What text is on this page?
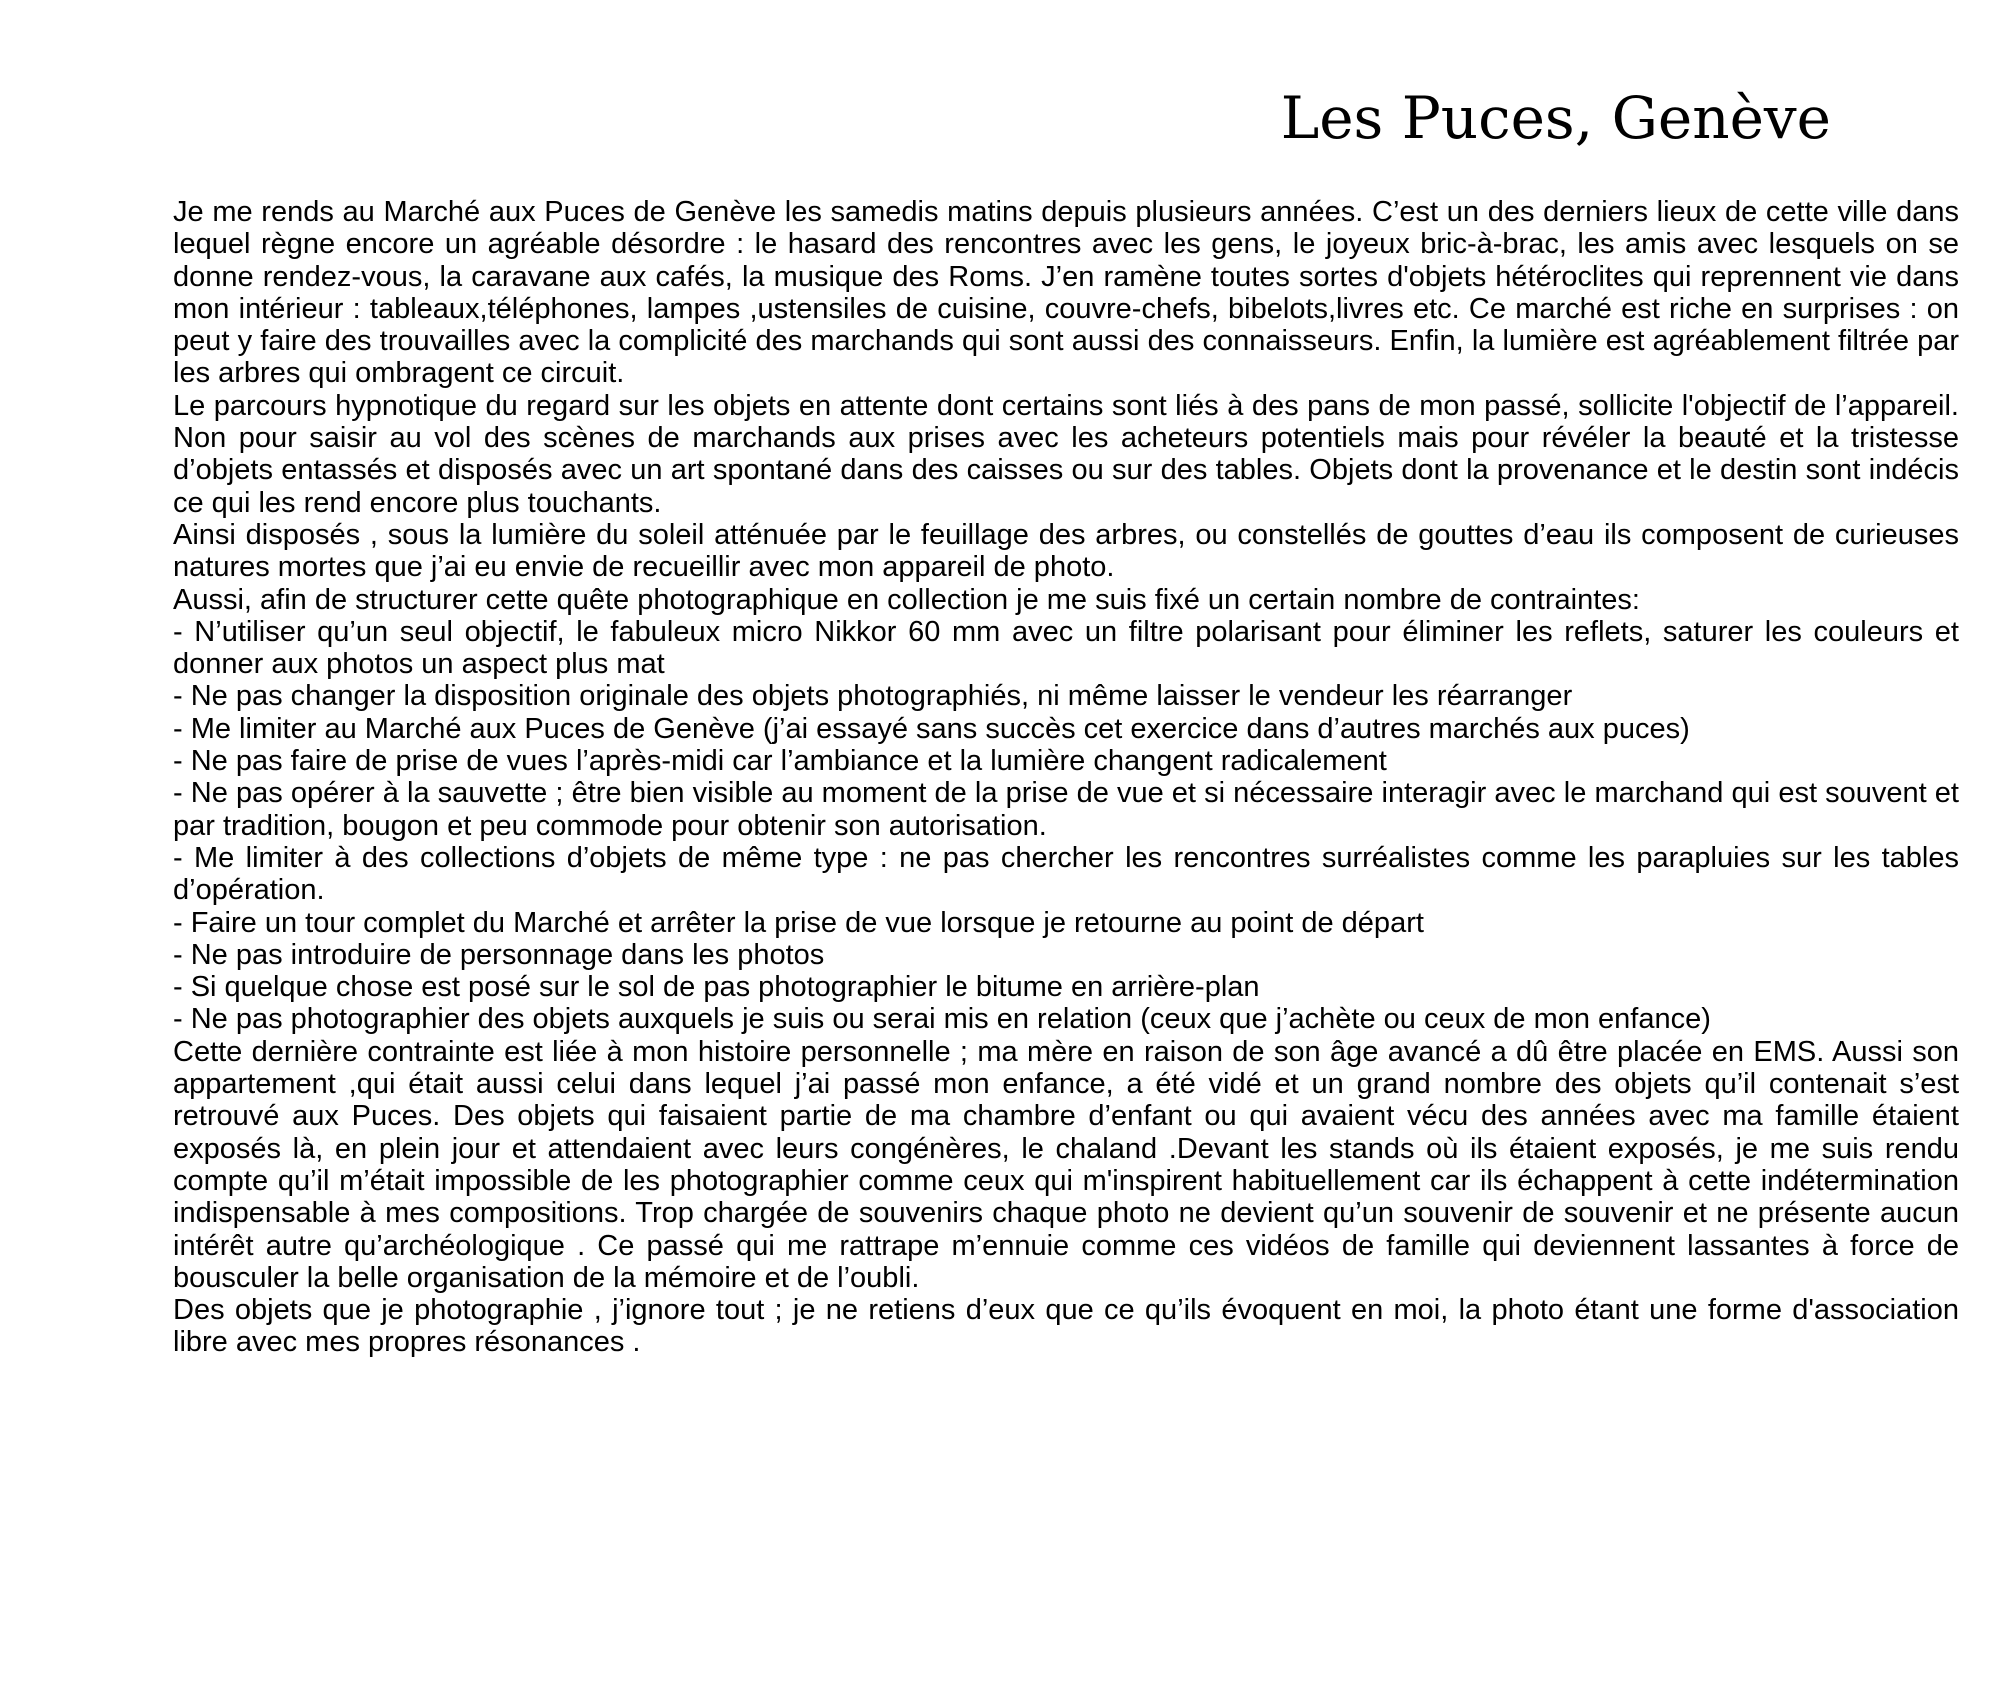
Les Puces, Genève

Je me rends au Marché aux Puces de Genève les samedis matins depuis plusieurs années. C’est un des derniers lieux de cette ville dans lequel règne encore un agréable désordre : le hasard des rencontres avec les gens, le joyeux bric-à-brac, les amis avec lesquels on se donne rendez-vous, la caravane aux cafés, la musique des Roms. J’en ramène toutes sortes d'objets hétéroclites qui reprennent vie dans mon intérieur : tableaux,téléphones, lampes ,ustensiles de cuisine, couvre-chefs, bibelots,livres etc. Ce marché est riche en surprises : on peut y faire des trouvailles avec la complicité des marchands qui sont aussi des connaisseurs. Enfin, la lumière est agréablement filtrée par les arbres qui ombragent ce circuit.

Le parcours hypnotique du regard sur les objets en attente dont certains sont liés à des pans de mon passé, sollicite l'objectif de l’appareil. Non pour saisir au vol des scènes de marchands aux prises avec les acheteurs potentiels mais pour révéler la beauté et la tristesse d’objets entassés et disposés avec un art spontané dans des caisses ou sur des tables. Objets dont la provenance et le destin sont indécis ce qui les rend encore plus touchants.

Ainsi disposés , sous la lumière du soleil atténuée par le feuillage des arbres, ou constellés de gouttes d’eau ils composent de curieuses natures mortes que j’ai eu envie de recueillir avec mon appareil de photo.

Aussi, afin de structurer cette quête photographique en collection je me suis fixé un certain nombre de contraintes:

- N’utiliser qu’un seul objectif, le fabuleux micro Nikkor 60 mm avec un filtre polarisant pour éliminer les reflets, saturer les couleurs et donner aux photos un aspect plus mat

- Ne pas changer la disposition originale des objets photographiés, ni même laisser le vendeur les réarranger

- Me limiter au Marché aux Puces de Genève (j’ai essayé sans succès cet exercice dans d’autres marchés aux puces)

- Ne pas faire de prise de vues l’après-midi car l’ambiance et la lumière changent radicalement

- Ne pas opérer à la sauvette ; être bien visible au moment de la prise de vue et si nécessaire interagir avec le marchand qui est souvent et par tradition, bougon et peu commode pour obtenir son autorisation.

- Me limiter à des collections d’objets de même type : ne pas chercher les rencontres surréalistes comme les parapluies sur les tables d’opération.

- Faire un tour complet du Marché et arrêter la prise de vue lorsque je retourne au point de départ

- Ne pas introduire de personnage dans les photos

- Si quelque chose est posé sur le sol de pas photographier le bitume en arrière-plan

- Ne pas photographier des objets auxquels je suis ou serai mis en relation (ceux que j’achète ou ceux de mon enfance)

Cette dernière contrainte est liée à mon histoire personnelle ; ma mère en raison de son âge avancé a dû être placée en EMS. Aussi son appartement ,qui était aussi celui dans lequel j’ai passé mon enfance, a été vidé et un grand nombre des objets qu’il contenait s’est retrouvé aux Puces. Des objets qui faisaient partie de ma chambre d’enfant ou qui avaient vécu des années avec ma famille étaient exposés là, en plein jour et attendaient avec leurs congénères, le chaland .Devant les stands où ils étaient exposés, je me suis rendu compte qu’il m’était impossible de les photographier comme ceux qui m'inspirent habituellement car ils échappent à cette indétermination indispensable à mes compositions. Trop chargée de souvenirs chaque photo ne devient qu’un souvenir de souvenir et ne présente aucun intérêt autre qu’archéologique . Ce passé qui me rattrape m’ennuie comme ces vidéos de famille qui deviennent lassantes à force de bousculer la belle organisation de la mémoire et de l’oubli.

Des objets que je photographie , j’ignore tout ; je ne retiens d’eux que ce qu’ils évoquent en moi, la photo étant une forme d'association libre avec mes propres résonances .
